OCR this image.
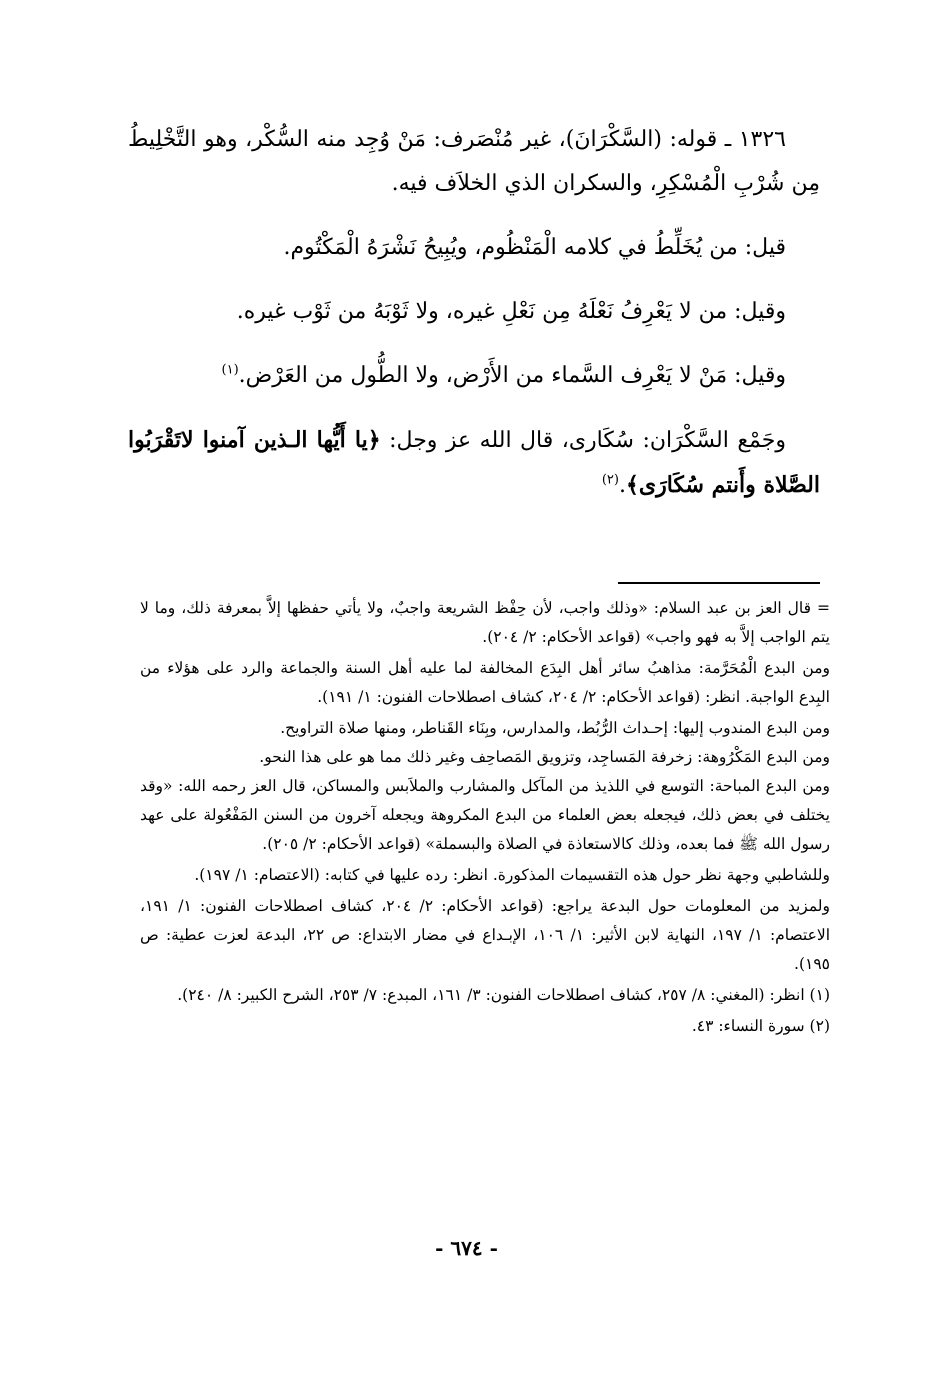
١٣٢٦ ـ قوله: (السَّكْرَانَ)، غير مُنْصَرف: مَنْ وُجِد منه السُّكْر، وهو التَّخْلِيطُ مِن شُرْبِ الْمُسْكِرِ، والسكران الذي الخلاَف فيه.

قيل: من يُخَلِّطُ في كلامه الْمَنْظُوم، ويُبِيحُ نَشْرَهُ الْمَكْتُوم.

وقيل: من لا يَعْرِفُ نَعْلَهُ مِن نَعْلِ غيره، ولا ثَوْبَهُ من ثَوْب غيره.

وقيل: مَنْ لا يَعْرِف السَّماء من الأَرْض، ولا الطُّول من العَرْض.$^{(١)}$

وجَمْع السَّكْرَان: سُكَارى، قال الله عز وجل: ﴿يا أَيُّها الـذين آمنوا لاتَقْرَبُوا الصَّلاة وأَنتم سُكَارَى﴾.$^{(٢)}$

= قال العز بن عبد السلام: «وذلك واجب، لأن حِفْظ الشريعة واجبٌ، ولا يأتي حفظها إلاَّ بمعرفة ذلك، وما لا يتم الواجب إلاَّ به فهو واجب» (قواعد الأحكام: ٢/ ٢٠٤).

ومن البدع الْمُحَرَّمة: مذاهبُ سائر أهل البِدَع المخالفة لما عليه أهل السنة والجماعة والرد على هؤلاء من البِدع الواجبة. انظر: (قواعد الأحكام: ٢/ ٢٠٤، كشاف اصطلاحات الفنون: ١/ ١٩١).

ومن البدع المندوب إليها: إحـداث الرُّبُط، والمدارس، وبِنَاء القَناطر، ومنها صلاة التراويح.

ومن البدع المَكْرُوهة: زخرفة المَساجِد، وتزويق المَصاحِف وغير ذلك مما هو على هذا النحو.

ومن البدع المباحة: التوسع في اللذيذ من المآكل والمشارب والملاَبس والمساكن، قال العز رحمه الله: «وقد يختلف في بعض ذلك، فيجعله بعض العلماء من البدع المكروهة ويجعله آخرون من السنن المَفْعُولة على عهد رسول الله ﷺ فما بعده، وذلك كالاستعاذة في الصلاة والبسملة» (قواعد الأحكام: ٢/ ٢٠٥).

وللشاطبي وجهة نظر حول هذه التقسيمات المذكورة. انظر: رده عليها في كتابه: (الاعتصام: ١/ ١٩٧).

ولمزيد من المعلومات حول البدعة يراجع: (قواعد الأحكام: ٢/ ٢٠٤، كشاف اصطلاحات الفنون: ١/ ١٩١، الاعتصام: ١/ ١٩٧، النهاية لابن الأثير: ١/ ١٠٦، الإبـداع في مضار الابتداع: ص ٢٢، البدعة لعزت عطية: ص ١٩٥).

(١) انظر: (المغني: ٨/ ٢٥٧، كشاف اصطلاحات الفنون: ٣/ ١٦١، المبدع: ٧/ ٢٥٣، الشرح الكبير: ٨/ ٢٤٠).

(٢) سورة النساء: ٤٣.

- ٦٧٤ -
